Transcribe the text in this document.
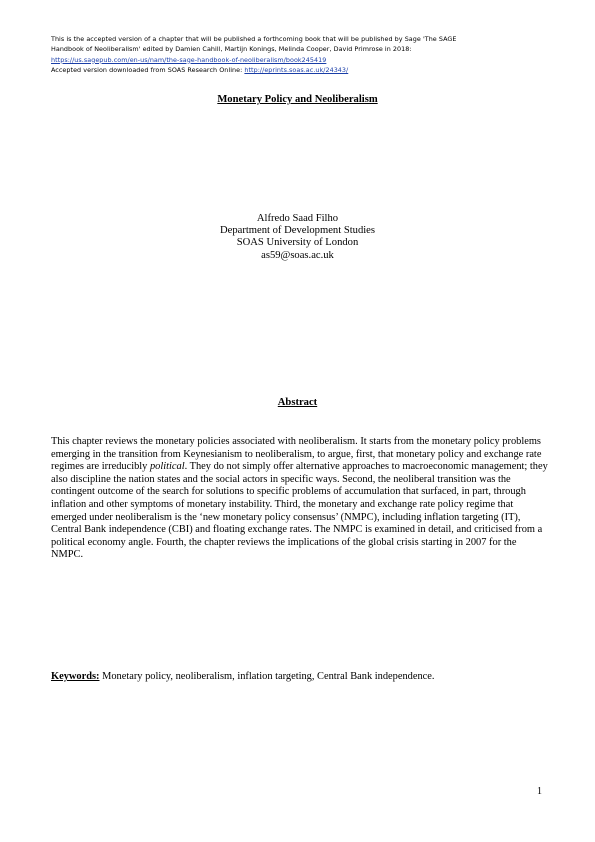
This is the accepted version of a chapter that will be published a forthcoming book that will be published by Sage 'The SAGE
Handbook of Neoliberalism' edited by Damien Cahill, Martijn Konings, Melinda Cooper, David Primrose in 2018:
https://us.sagepub.com/en-us/nam/the-sage-handbook-of-neoliberalism/book245419
Accepted version downloaded from SOAS Research Online: http://eprints.soas.ac.uk/24343/
Monetary Policy and Neoliberalism
Alfredo Saad Filho
Department of Development Studies
SOAS University of London
as59@soas.ac.uk
Abstract
This chapter reviews the monetary policies associated with neoliberalism. It starts from the monetary policy problems emerging in the transition from Keynesianism to neoliberalism, to argue, first, that monetary policy and exchange rate regimes are irreducibly political. They do not simply offer alternative approaches to macroeconomic management; they also discipline the nation states and the social actors in specific ways. Second, the neoliberal transition was the contingent outcome of the search for solutions to specific problems of accumulation that surfaced, in part, through inflation and other symptoms of monetary instability. Third, the monetary and exchange rate policy regime that emerged under neoliberalism is the ‘new monetary policy consensus’ (NMPC), including inflation targeting (IT), Central Bank independence (CBI) and floating exchange rates. The NMPC is examined in detail, and criticised from a political economy angle. Fourth, the chapter reviews the implications of the global crisis starting in 2007 for the NMPC.
Keywords: Monetary policy, neoliberalism, inflation targeting, Central Bank independence.
1
